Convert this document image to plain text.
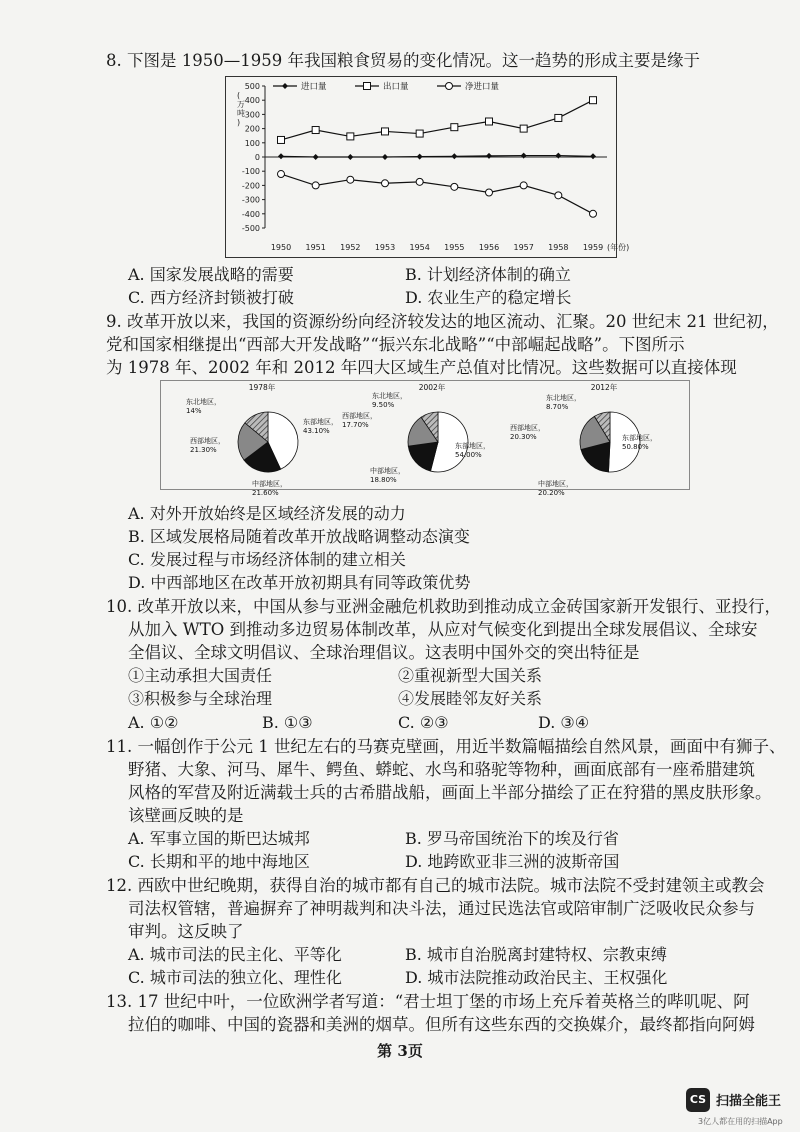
8. 下图是 1950—1959 年我国粮食贸易的变化情况。这一趋势的形成主要是缘于
500
400
300
200
100
0
-100
-200
-300
-400
-500
(万吨)
1950 1951 1952 1953 1954 1955 1956 1957 1958 1959 (年份)
进口量	出口量	净进口量
A. 国家发展战略的需要	B. 计划经济体制的确立
C. 西方经济封锁被打破	D. 农业生产的稳定增长
9. 改革开放以来，我国的资源纷纷向经济较发达的地区流动、汇聚。20 世纪末 21 世纪初，
党和国家相继提出“西部大开发战略”“振兴东北战略”“中部崛起战略”。下图所示
为 1978 年、2002 年和 2012 年四大区域生产总值对比情况。这些数据可以直接体现
1978年
东部地区， 43.10%
中部地区， 21.60%
西部地区， 21.30%
东北地区， 14%
2002年
东部地区， 54.00%
中部地区， 18.80%
西部地区， 17.70%
东北地区， 9.50%
2012年
东部地区， 50.80%
中部地区， 20.20%
西部地区， 20.30%
东北地区， 8.70%
A. 对外开放始终是区域经济发展的动力
B. 区域发展格局随着改革开放战略调整动态演变
C. 发展过程与市场经济体制的建立相关
D. 中西部地区在改革开放初期具有同等政策优势
10. 改革开放以来，中国从参与亚洲金融危机救助到推动成立金砖国家新开发银行、亚投行，
从加入 WTO 到推动多边贸易体制改革，从应对气候变化到提出全球发展倡议、全球安
全倡议、全球文明倡议、全球治理倡议。这表明中国外交的突出特征是
①主动承担大国责任	②重视新型大国关系
③积极参与全球治理	④发展睦邻友好关系
A. ①②	B. ①③	C. ②③	D. ③④
11. 一幅创作于公元 1 世纪左右的马赛克壁画，用近半数篇幅描绘自然风景，画面中有狮子、
野猪、大象、河马、犀牛、鳄鱼、蟒蛇、水鸟和骆驼等物种，画面底部有一座希腊建筑
风格的军营及附近满载士兵的古希腊战船，画面上半部分描绘了正在狩猎的黑皮肤形象。
该壁画反映的是
A. 军事立国的斯巴达城邦	B. 罗马帝国统治下的埃及行省
C. 长期和平的地中海地区	D. 地跨欧亚非三洲的波斯帝国
12. 西欧中世纪晚期，获得自治的城市都有自己的城市法院。城市法院不受封建领主或教会
司法权管辖，普遍摒弃了神明裁判和决斗法，通过民选法官或陪审制广泛吸收民众参与
审判。这反映了
A. 城市司法的民主化、平等化	B. 城市自治脱离封建特权、宗教束缚
C. 城市司法的独立化、理性化	D. 城市法院推动政治民主、王权强化
13. 17 世纪中叶，一位欧洲学者写道：“君士坦丁堡的市场上充斥着英格兰的哔叽呢、阿
拉伯的咖啡、中国的瓷器和美洲的烟草。但所有这些东西的交换媒介，最终都指向阿姆
第 3页
CS 扫描全能王
3亿人都在用的扫描App
